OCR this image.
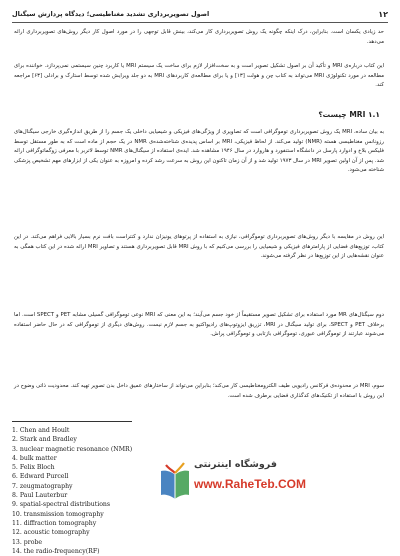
۱۲
اصول تصویربرداری تشدید مغناطیسی؛ دیدگاه پردازش سیگنال

حد زیادی یکسان است. بنابراین، درک اینکه چگونه یک روش تصویربرداری کار می‌کند، بینش قابل توجهی را در مورد اصول کار دیگر روش‌های تصویربرداری ارائه می‌دهد.

این کتاب درباره‌ی MRI و تأکید آن بر اصول تشکیل تصویر است و به سخت‌افزار لازم برای ساخت یک سیستم MRI یا کاربرد چنین سیستمی نمی‌پردازد. خواننده برای مطالعه در مورد تکنولوژی MRI می‌تواند به کتاب چن و هولت [۱۳] و یا برای مطالعه‌ی کاربردهای MRI به دو جلد ویرایش شده توسط استارک و برادلی [۶۳] مراجعه کند.

۱.۱ MRI چیست؟

به بیان ساده، MRI یک روش تصویربرداری توموگرافی است که تصاویری از ویژگی‌های فیزیکی و شیمیایی داخلی یک جسم را از طریق اندازه‌گیری خارجی سیگنال‌های رزونانس مغناطیسی هسته (NMR) تولید می‌کند. از لحاظ فیزیکی، MRI بر اساس پدیده‌ی شناخته‌شده‌ی NMR در یک حجم از ماده است که به طور مستقل توسط فلیکس بلاخ و ادوارد پارسل در دانشگاه استنفورد و هاروارد در سال ۱۹۴۶ مشاهده شد. ایده‌ی استفاده از سیگنال‌های NMR توسط لاتربر با معرفی زوگماتوگرافی ارائه شد. پس از آن اولین تصویر MRI در سال ۱۹۷۳ تولید شد و از آن زمان تاکنون این روش به سرعت رشد کرده و امروزه به عنوان یکی از ابزارهای مهم تشخیص پزشکی شناخته می‌شود.

این روش در مقایسه با دیگر روش‌های تصویربرداری توموگرافی، نیازی به استفاده از پرتوهای یونیزان ندارد و کنتراست بافت نرم بسیار بالایی فراهم می‌کند. در این کتاب، توزیع‌های فضایی از پارامترهای فیزیکی و شیمیایی را بررسی می‌کنیم که با روش MRI قابل تصویربرداری هستند و تصاویر MRI ارائه شده در این کتاب همگی به عنوان نقشه‌هایی از این توزیع‌ها در نظر گرفته می‌شوند.

دوم سیگنال‌های MR مورد استفاده برای تشکیل تصویر مستقیماً از خود جسم می‌آیند؛ به این معنی که MRI نوعی توموگرافی گسیلی مشابه PET و SPECT است. اما برخلاف PET و SPECT، برای تولید سیگنال در MRI، تزریق ایزوتوپ‌های رادیواکتیو به جسم لازم نیست. روش‌های دیگری از توموگرافی که در حال حاضر استفاده می‌شوند عبارتند از توموگرافی عبوری، توموگرافی بازتابی و توموگرافی پراش.

سوم، MRI در محدوده‌ی فرکانس رادیویی طیف الکترومغناطیسی کار می‌کند؛ بنابراین می‌تواند از ساختارهای عمیق داخل بدن تصویر تهیه کند. محدودیت ذاتی وضوح در این روش با استفاده از تکنیک‌های کدگذاری فضایی برطرف شده است.

1. Chen and Hoult
2. Stark and Bradley
3. nuclear magnetic resonance (NMR)
4. bulk matter
5. Felix Bloch
6. Edward Purcell
7. zeugmatography
8. Paul Lauterbur
9. spatial-spectral distributions
10. transmission tomography
11. diffraction tomography
12. acoustic tomography
13. probe
14. the radio-frequency(RF)
فروشگاه اینترنتی
www.RaheTeb.COM
